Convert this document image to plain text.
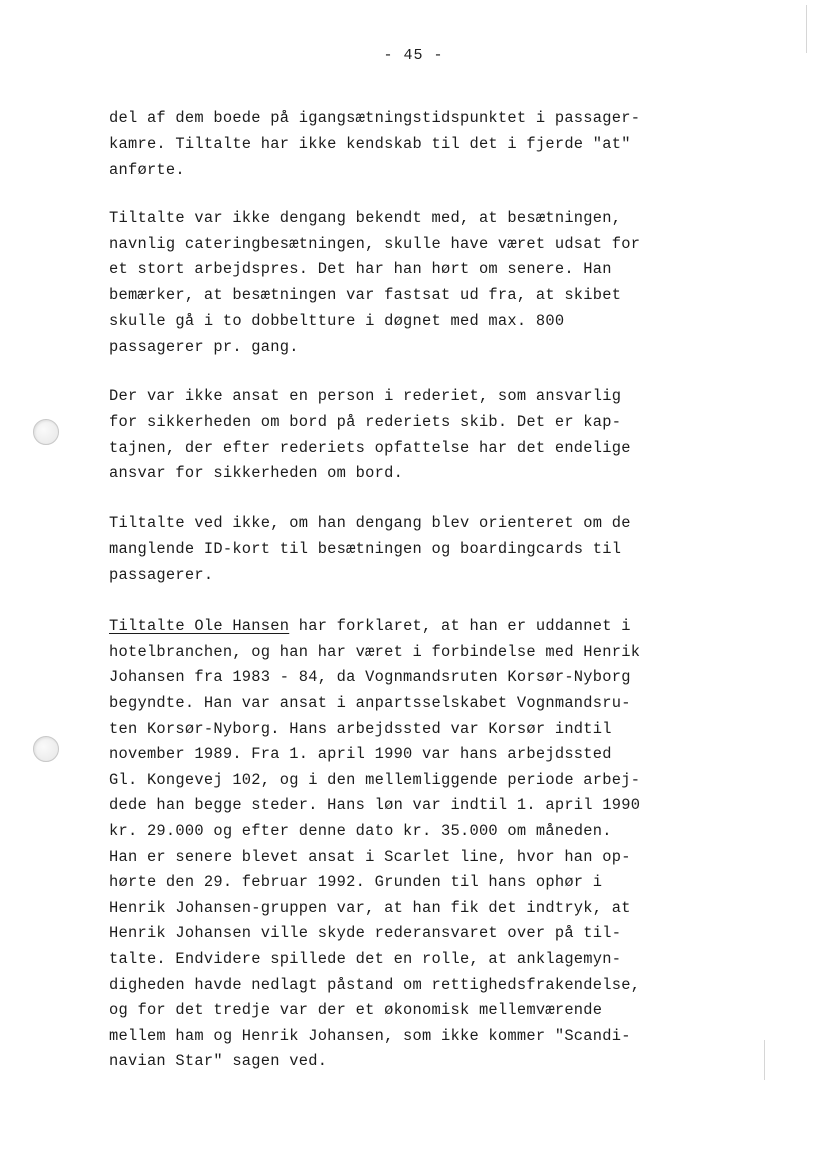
- 45 -
del af dem boede på igangsætningstidspunktet i passager-
kamre. Tiltalte har ikke kendskab til det i fjerde "at"
anførte.
Tiltalte var ikke dengang bekendt med, at besætningen,
navnlig cateringbesætningen, skulle have været udsat for
et stort arbejdspres. Det har han hørt om senere. Han
bemærker, at besætningen var fastsat ud fra, at skibet
skulle gå i to dobbeltture i døgnet med max. 800
passagerer pr. gang.
Der var ikke ansat en person i rederiet, som ansvarlig
for sikkerheden om bord på rederiets skib. Det er kap-
tajnen, der efter rederiets opfattelse har det endelige
ansvar for sikkerheden om bord.
Tiltalte ved ikke, om han dengang blev orienteret om de
manglende ID-kort til besætningen og boardingcards til
passagerer.
Tiltalte Ole Hansen har forklaret, at han er uddannet i
hotelbranchen, og han har været i forbindelse med Henrik
Johansen fra 1983 - 84, da Vognmandsruten Korsør-Nyborg
begyndte. Han var ansat i anpartsselskabet Vognmandsru-
ten Korsør-Nyborg. Hans arbejdssted var Korsør indtil
november 1989. Fra 1. april 1990 var hans arbejdssted
Gl. Kongevej 102, og i den mellemliggende periode arbej-
dede han begge steder. Hans løn var indtil 1. april 1990
kr. 29.000 og efter denne dato kr. 35.000 om måneden.
Han er senere blevet ansat i Scarlet line, hvor han op-
hørte den 29. februar 1992. Grunden til hans ophør i
Henrik Johansen-gruppen var, at han fik det indtryk, at
Henrik Johansen ville skyde rederansvaret over på til-
talte. Endvidere spillede det en rolle, at anklagemyn-
digheden havde nedlagt påstand om rettighedsfrakendelse,
og for det tredje var der et økonomisk mellemværende
mellem ham og Henrik Johansen, som ikke kommer "Scandi-
navian Star" sagen ved.
